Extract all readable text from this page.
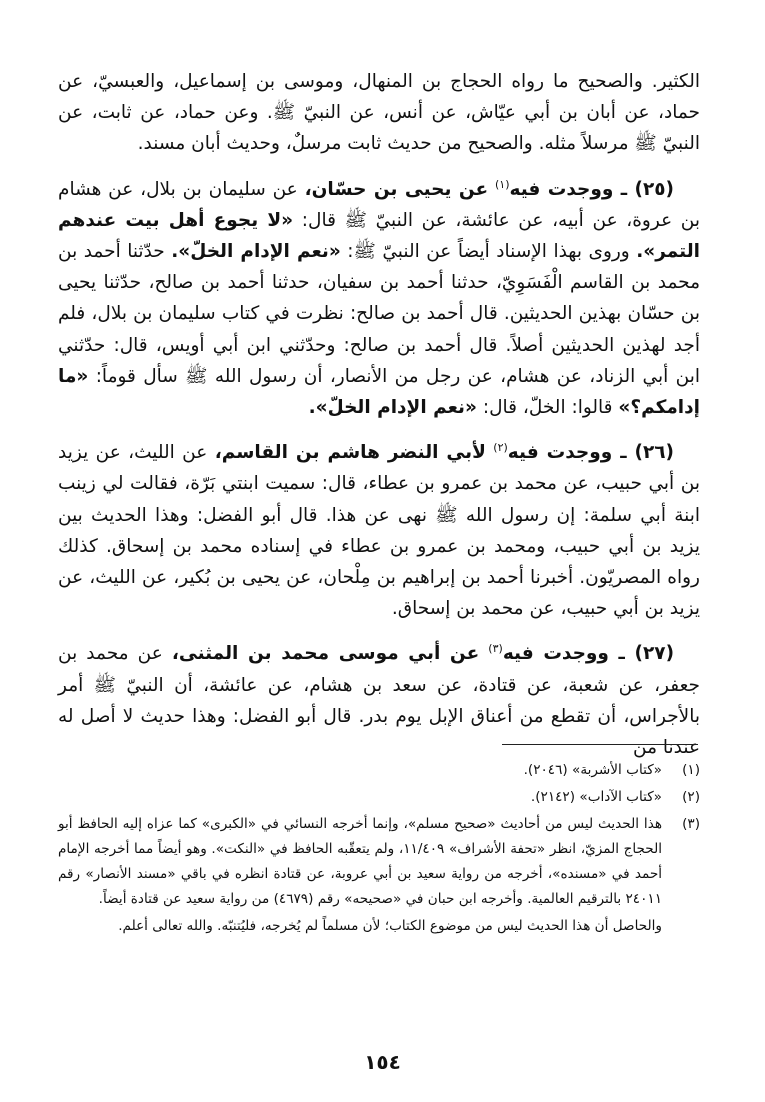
الكثير. والصحيح ما رواه الحجاج بن المنهال، وموسى بن إسماعيل، والعبسيّ، عن حماد، عن أبان بن أبي عيّاش، عن أنس، عن النبيّ ﷺ. وعن حماد، عن ثابت، عن النبيّ ﷺ مرسلاً مثله. والصحيح من حديث ثابت مرسلٌ، وحديث أبان مسند.

(٢٥) ـ ووجدت فيه$^{(١)}$ عن يحيى بن حسّان، عن سليمان بن بلال، عن هشام بن عروة، عن أبيه، عن عائشة، عن النبيّ ﷺ قال: «لا يجوع أهل بيت عندهم التمر». وروى بهذا الإسناد أيضاً عن النبيّ ﷺ: «نعم الإدام الخلّ». حدّثنا أحمد بن محمد بن القاسم الْفَسَوِيّ، حدثنا أحمد بن سفيان، حدثنا أحمد بن صالح، حدّثنا يحيى بن حسّان بهذين الحديثين. قال أحمد بن صالح: نظرت في كتاب سليمان بن بلال، فلم أجد لهذين الحديثين أصلاً. قال أحمد بن صالح: وحدّثني ابن أبي أويس، قال: حدّثني ابن أبي الزناد، عن هشام، عن رجل من الأنصار، أن رسول الله ﷺ سأل قوماً: «ما إدامكم؟» قالوا: الخلّ، قال: «نعم الإدام الخلّ».

(٢٦) ـ ووجدت فيه$^{(٢)}$ لأبي النضر هاشم بن القاسم، عن الليث، عن يزيد بن أبي حبيب، عن محمد بن عمرو بن عطاء، قال: سميت ابنتي بَرّة، فقالت لي زينب ابنة أبي سلمة: إن رسول الله ﷺ نهى عن هذا. قال أبو الفضل: وهذا الحديث بين يزيد بن أبي حبيب، ومحمد بن عمرو بن عطاء في إسناده محمد بن إسحاق. كذلك رواه المصريّون. أخبرنا أحمد بن إبراهيم بن مِلْحان، عن يحيى بن بُكير، عن الليث، عن يزيد بن أبي حبيب، عن محمد بن إسحاق.

(٢٧) ـ ووجدت فيه$^{(٣)}$ عن أبي موسى محمد بن المثنى، عن محمد بن جعفر، عن شعبة، عن قتادة، عن سعد بن هشام، عن عائشة، أن النبيّ ﷺ أمر بالأجراس، أن تقطع من أعناق الإبل يوم بدر. قال أبو الفضل: وهذا حديث لا أصل له عندنا من

(١)
«كتاب الأشربة» (٢٠٤٦).
(٢)
«كتاب الآداب» (٢١٤٢).
(٣)
هذا الحديث ليس من أحاديث «صحيح مسلم»، وإنما أخرجه النسائي في «الكبرى» كما عزاه إليه الحافظ أبو الحجاج المزيّ، انظر «تحفة الأشراف» ١١/٤٠٩، ولم يتعقّبه الحافظ في «النكت». وهو أيضاً مما أخرجه الإمام أحمد في «مسنده»، أخرجه من رواية سعيد بن أبي عروبة، عن قتادة انظره في باقي «مسند الأنصار» رقم ٢٤٠١١ بالترقيم العالمية. وأخرجه ابن حبان في «صحيحه» رقم (٤٦٧٩) من رواية سعيد عن قتادة أيضاً.

والحاصل أن هذا الحديث ليس من موضوع الكتاب؛ لأن مسلماً لم يُخرجه، فليُتنبّه. والله تعالى أعلم.

١٥٤
